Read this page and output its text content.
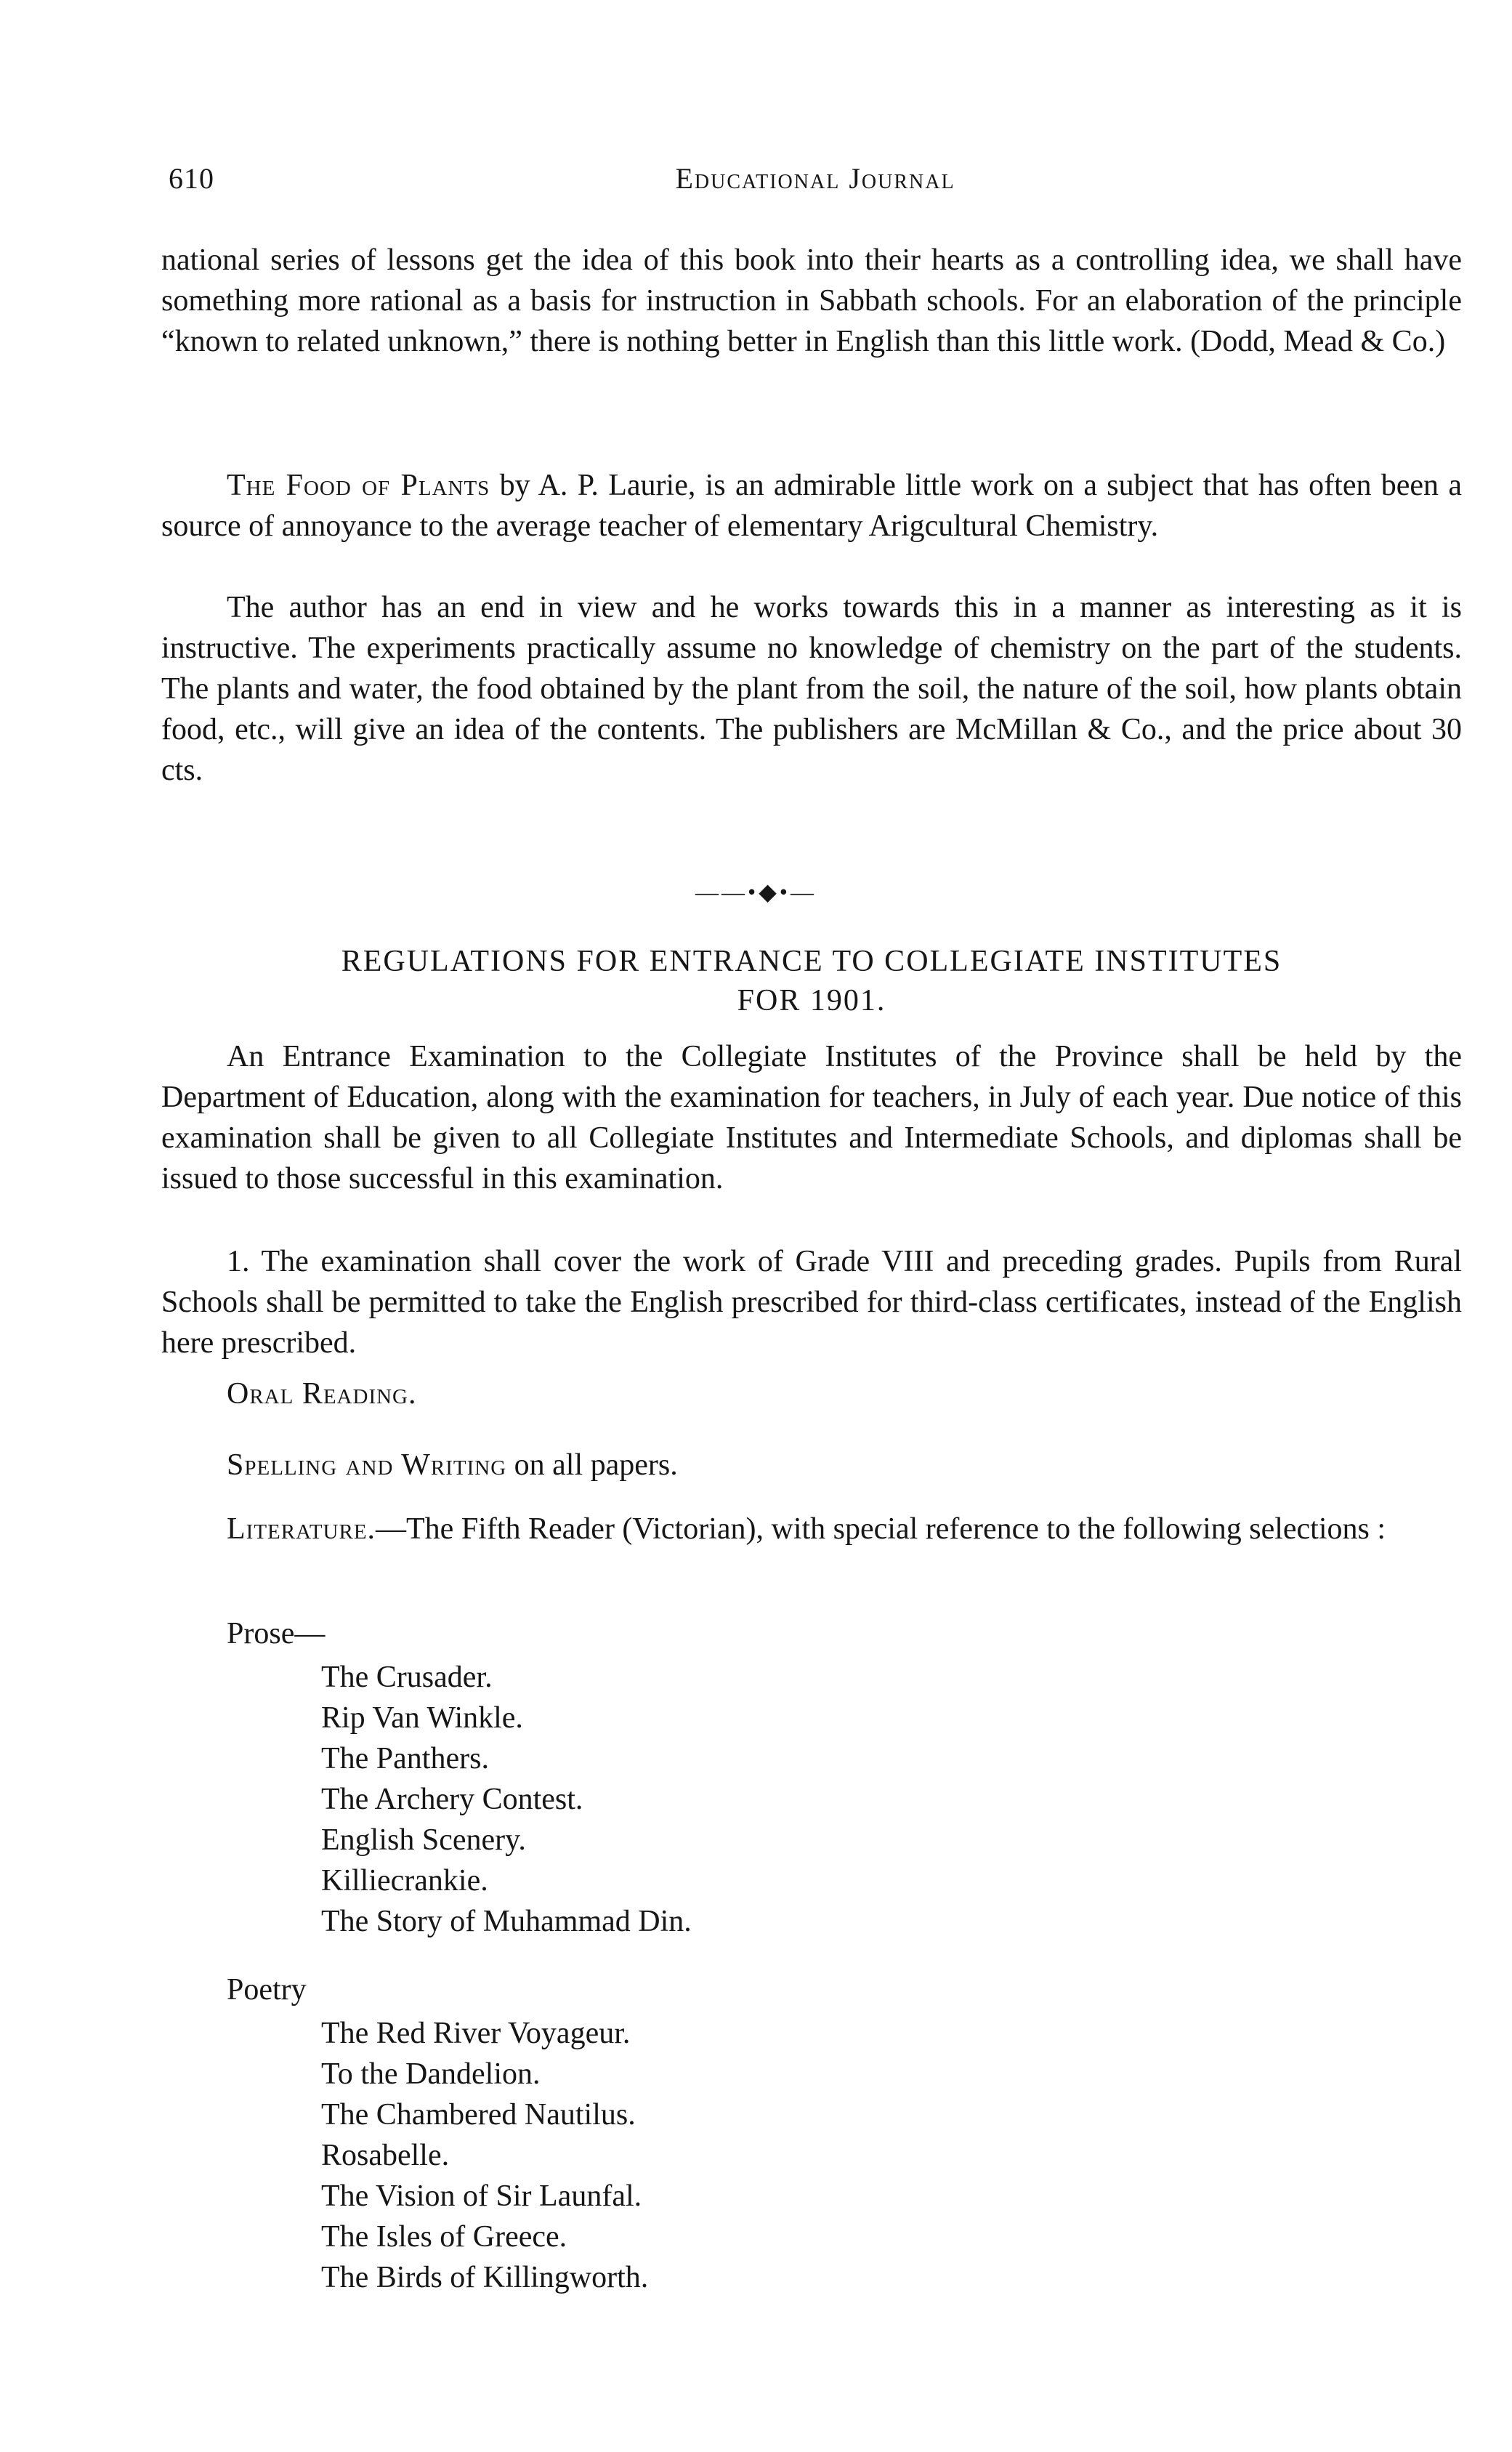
610	Educational Journal

national series of lessons get the idea of this book into their hearts as a controlling idea, we shall have something more rational as a basis for instruction in Sabbath schools. For an elaboration of the principle “known to related unknown,” there is nothing better in English than this little work. (Dodd, Mead & Co.)

The Food of Plants by A. P. Laurie, is an admirable little work on a subject that has often been a source of annoyance to the average teacher of elementary Arigcultural Chemistry.

The author has an end in view and he works towards this in a manner as interesting as it is instructive. The experiments practically assume no knowledge of chemistry on the part of the students. The plants and water, the food obtained by the plant from the soil, the nature of the soil, how plants obtain food, etc., will give an idea of the contents. The publishers are McMillan & Co., and the price about 30 cts.

——•◆•—
REGULATIONS FOR ENTRANCE TO COLLEGIATE INSTITUTES
FOR 1901.

An Entrance Examination to the Collegiate Institutes of the Province shall be held by the Department of Education, along with the examination for teachers, in July of each year. Due notice of this examination shall be given to all Collegiate Institutes and Intermediate Schools, and diplomas shall be issued to those successful in this examination.

1. The examination shall cover the work of Grade VIII and preceding grades. Pupils from Rural Schools shall be permitted to take the English prescribed for third-class certificates, instead of the English here prescribed.

Oral Reading.

Spelling and Writing on all papers.

Literature.—The Fifth Reader (Victorian), with special reference to the following selections :

Prose—
The Crusader.
Rip Van Winkle.
The Panthers.
The Archery Contest.
English Scenery.
Killiecrankie.
The Story of Muhammad Din.
Poetry
The Red River Voyageur.
To the Dandelion.
The Chambered Nautilus.
Rosabelle.
The Vision of Sir Launfal.
The Isles of Greece.
The Birds of Killingworth.
